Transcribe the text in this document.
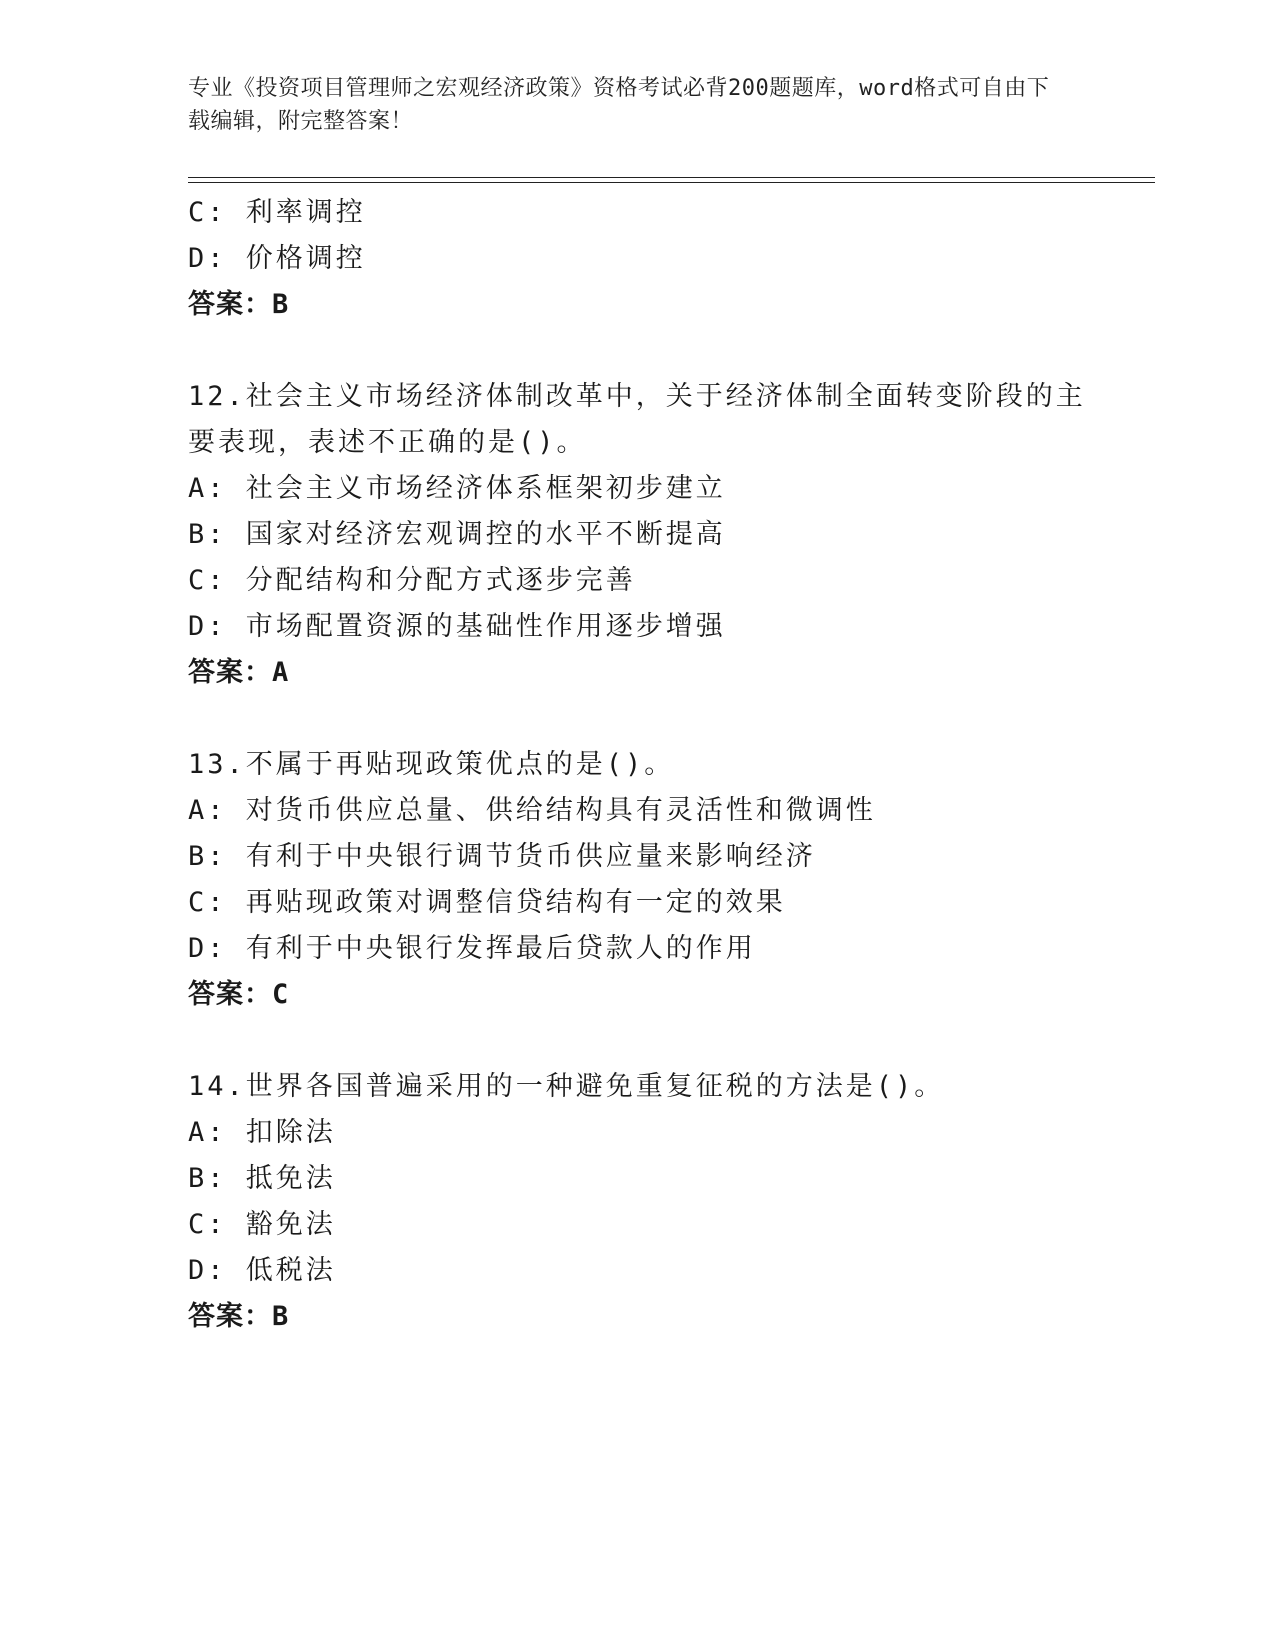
专业《投资项目管理师之宏观经济政策》资格考试必背200题题库，word格式可自由下载编辑，附完整答案！
C: 利率调控
D: 价格调控
答案：B
12.社会主义市场经济体制改革中，关于经济体制全面转变阶段的主要表现，表述不正确的是()。
A: 社会主义市场经济体系框架初步建立
B: 国家对经济宏观调控的水平不断提高
C: 分配结构和分配方式逐步完善
D: 市场配置资源的基础性作用逐步增强
答案：A
13.不属于再贴现政策优点的是()。
A: 对货币供应总量、供给结构具有灵活性和微调性
B: 有利于中央银行调节货币供应量来影响经济
C: 再贴现政策对调整信贷结构有一定的效果
D: 有利于中央银行发挥最后贷款人的作用
答案：C
14.世界各国普遍采用的一种避免重复征税的方法是()。
A: 扣除法
B: 抵免法
C: 豁免法
D: 低税法
答案：B
